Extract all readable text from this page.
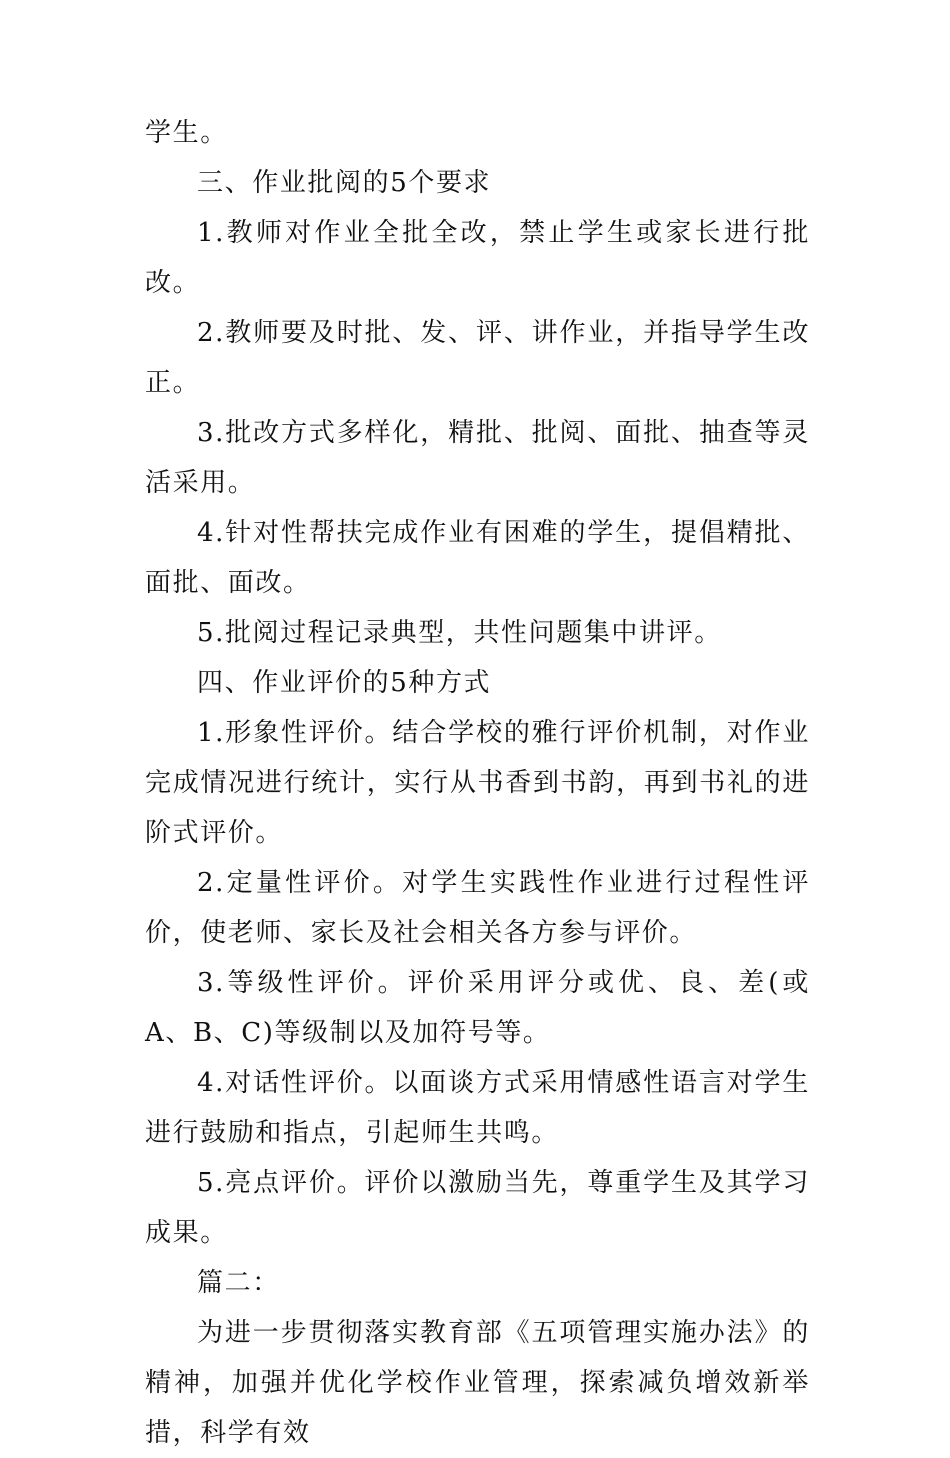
学生。

三、作业批阅的5个要求

1.教师对作业全批全改，禁止学生或家长进行批改。

2.教师要及时批、发、评、讲作业，并指导学生改正。

3.批改方式多样化，精批、批阅、面批、抽查等灵活采用。

4.针对性帮扶完成作业有困难的学生，提倡精批、面批、面改。

5.批阅过程记录典型，共性问题集中讲评。

四、作业评价的5种方式

1.形象性评价。结合学校的雅行评价机制，对作业完成情况进行统计，实行从书香到书韵，再到书礼的进阶式评价。

2.定量性评价。对学生实践性作业进行过程性评价，使老师、家长及社会相关各方参与评价。

3.等级性评价。评价采用评分或优、良、差(或 A、B、C)等级制以及加符号等。

4.对话性评价。以面谈方式采用情感性语言对学生进行鼓励和指点，引起师生共鸣。

5.亮点评价。评价以激励当先，尊重学生及其学习成果。

篇二：

为进一步贯彻落实教育部《五项管理实施办法》的精神，加强并优化学校作业管理，探索减负增效新举措，科学有效
